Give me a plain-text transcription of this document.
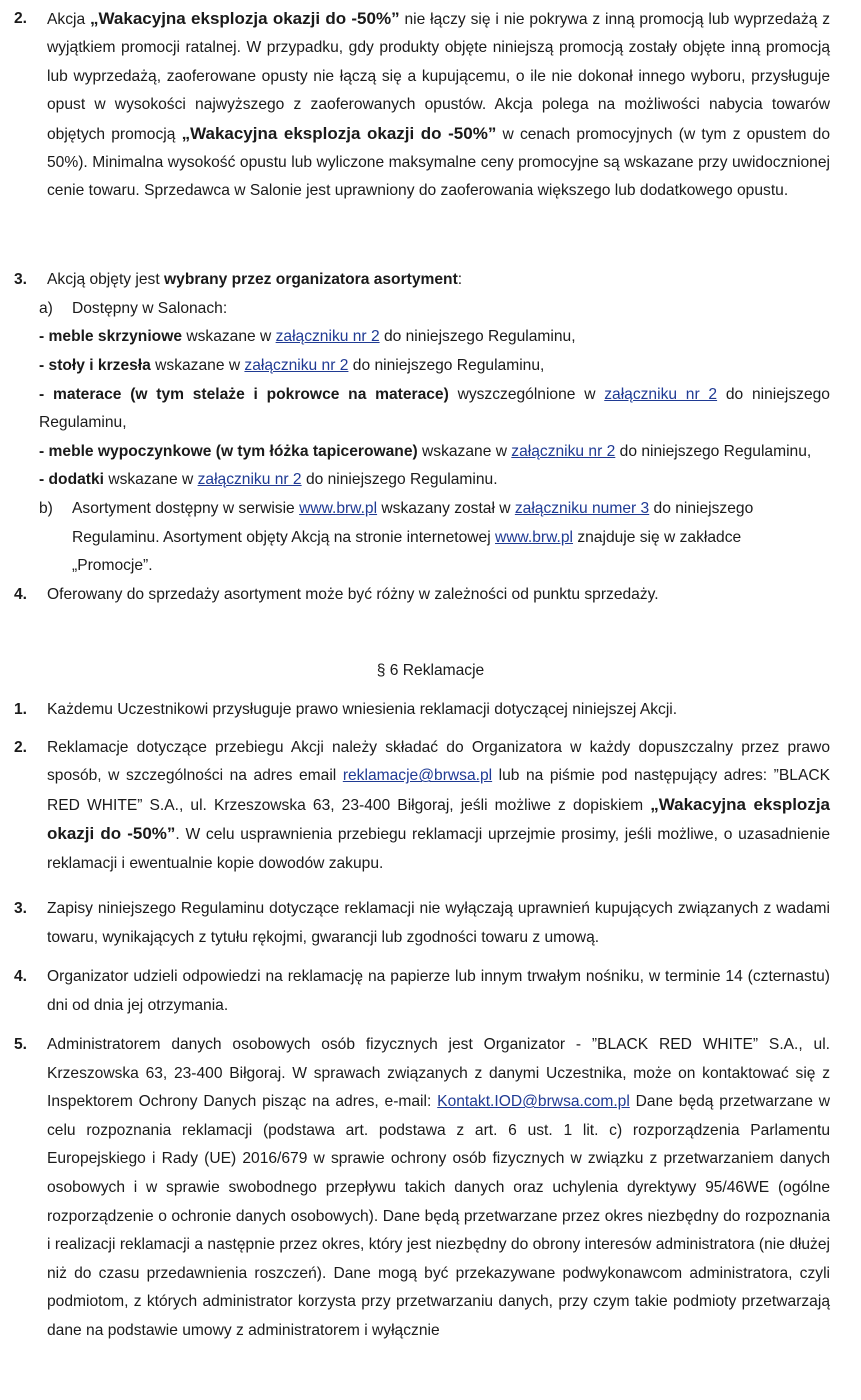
2. Akcja „Wakacyjna eksplozja okazji do -50%” nie łączy się i nie pokrywa z inną promocją lub wyprzedażą z wyjątkiem promocji ratalnej. W przypadku, gdy produkty objęte niniejszą promocją zostały objęte inną promocją lub wyprzedażą, zaoferowane opusty nie łączą się a kupującemu, o ile nie dokonał innego wyboru, przysługuje opust w wysokości najwyższego z zaoferowanych opustów. Akcja polega na możliwości nabycia towarów objętych promocją „Wakacyjna eksplozja okazji do -50%” w cenach promocyjnych (w tym z opustem do 50%). Minimalna wysokość opustu lub wyliczone maksymalne ceny promocyjne są wskazane przy uwidocznionej cenie towaru. Sprzedawca w Salonie jest uprawniony do zaoferowania większego lub dodatkowego opustu.
3. Akcją objęty jest wybrany przez organizatora asortyment:
a) Dostępny w Salonach:
- meble skrzyniowe wskazane w załączniku nr 2 do niniejszego Regulaminu,
- stoły i krzesła wskazane w załączniku nr 2 do niniejszego Regulaminu,
- materace (w tym stelaże i pokrowce na materace) wyszczególnione w załączniku nr 2 do niniejszego
Regulaminu,
- meble wypoczynkowe (w tym łóżka tapicerowane) wskazane w załączniku nr 2 do niniejszego Regulaminu,
- dodatki wskazane w załączniku nr 2 do niniejszego Regulaminu.
b) Asortyment dostępny w serwisie www.brw.pl wskazany został w załączniku numer 3 do niniejszego Regulaminu. Asortyment objęty Akcją na stronie internetowej www.brw.pl znajduje się w zakładce „Promocje”.
4. Oferowany do sprzedaży asortyment może być różny w zależności od punktu sprzedaży.
§ 6 Reklamacje
1. Każdemu Uczestnikowi przysługuje prawo wniesienia reklamacji dotyczącej niniejszej Akcji.
2. Reklamacje dotyczące przebiegu Akcji należy składać do Organizatora w każdy dopuszczalny przez prawo sposób, w szczególności na adres email reklamacje@brwsa.pl lub na piśmie pod następujący adres: ”BLACK RED WHITE” S.A., ul. Krzeszowska 63, 23-400 Biłgoraj, jeśli możliwe z dopiskiem „Wakacyjna eksplozja okazji do -50%”. W celu usprawnienia przebiegu reklamacji uprzejmie prosimy, jeśli możliwe, o uzasadnienie reklamacji i ewentualnie kopie dowodów zakupu.
3. Zapisy niniejszego Regulaminu dotyczące reklamacji nie wyłączają uprawnień kupujących związanych z wadami towaru, wynikających z tytułu rękojmi, gwarancji lub zgodności towaru z umową.
4. Organizator udzieli odpowiedzi na reklamację na papierze lub innym trwałym nośniku, w terminie 14 (czternastu) dni od dnia jej otrzymania.
5. Administratorem danych osobowych osób fizycznych jest Organizator - ”BLACK RED WHITE” S.A., ul. Krzeszowska 63, 23-400 Biłgoraj. W sprawach związanych z danymi Uczestnika, może on kontaktować się z Inspektorem Ochrony Danych pisząc na adres, e-mail: Kontakt.IOD@brwsa.com.pl Dane będą przetwarzane w celu rozpoznania reklamacji (podstawa art. podstawa z art. 6 ust. 1 lit. c) rozporządzenia Parlamentu Europejskiego i Rady (UE) 2016/679 w sprawie ochrony osób fizycznych w związku z przetwarzaniem danych osobowych i w sprawie swobodnego przepływu takich danych oraz uchylenia dyrektywy 95/46WE (ogólne rozporządzenie o ochronie danych osobowych). Dane będą przetwarzane przez okres niezbędny do rozpoznania i realizacji reklamacji a następnie przez okres, który jest niezbędny do obrony interesów administratora (nie dłużej niż do czasu przedawnienia roszczeń). Dane mogą być przekazywane podwykonawcom administratora, czyli podmiotom, z których administrator korzysta przy przetwarzaniu danych, przy czym takie podmioty przetwarzają dane na podstawie umowy z administratorem i wyłącznie
